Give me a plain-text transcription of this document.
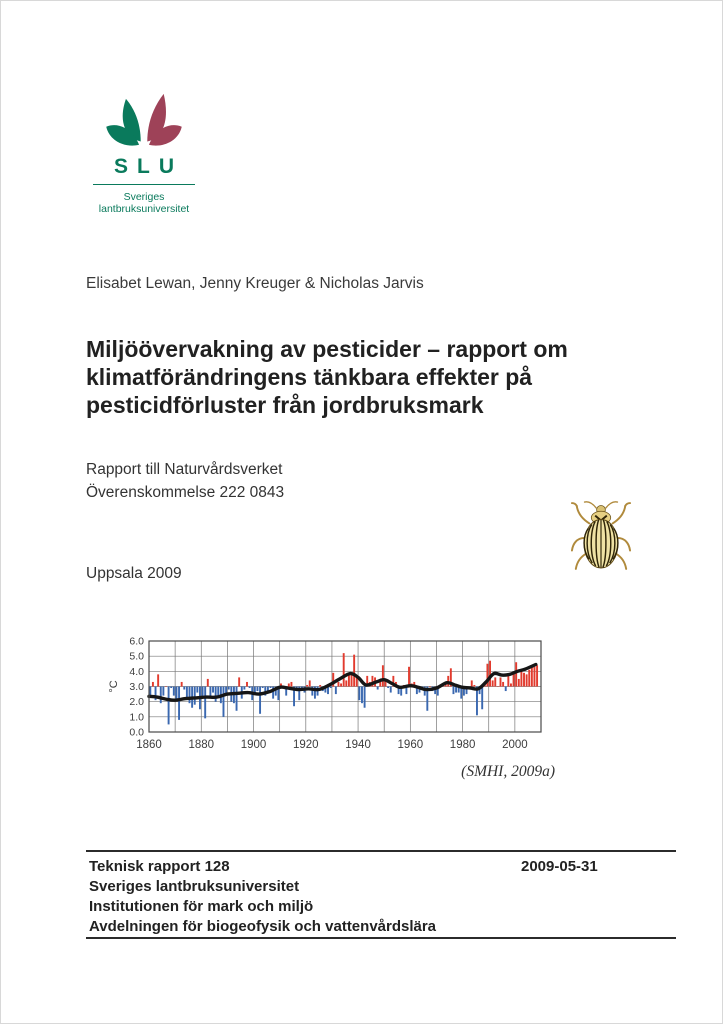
SLU
Sveriges
lantbruksuniversitet
Elisabet Lewan, Jenny Kreuger & Nicholas Jarvis
Miljöövervakning av pesticider – rapport om klimatförändringens tänkbara effekter på pesticidförluster från jordbruksmark
Rapport till Naturvårdsverket
Överenskommelse 222 0843
Uppsala 2009
0.0
1.0
2.0
3.0
4.0
5.0
6.0
°C
1860 1880 1900 1920 1940 1960 1980 2000
(SMHI, 2009a)
Teknisk rapport 128	2009-05-31
Sveriges lantbruksuniversitet
Institutionen för mark och miljö
Avdelningen för biogeofysik och vattenvårdslära
